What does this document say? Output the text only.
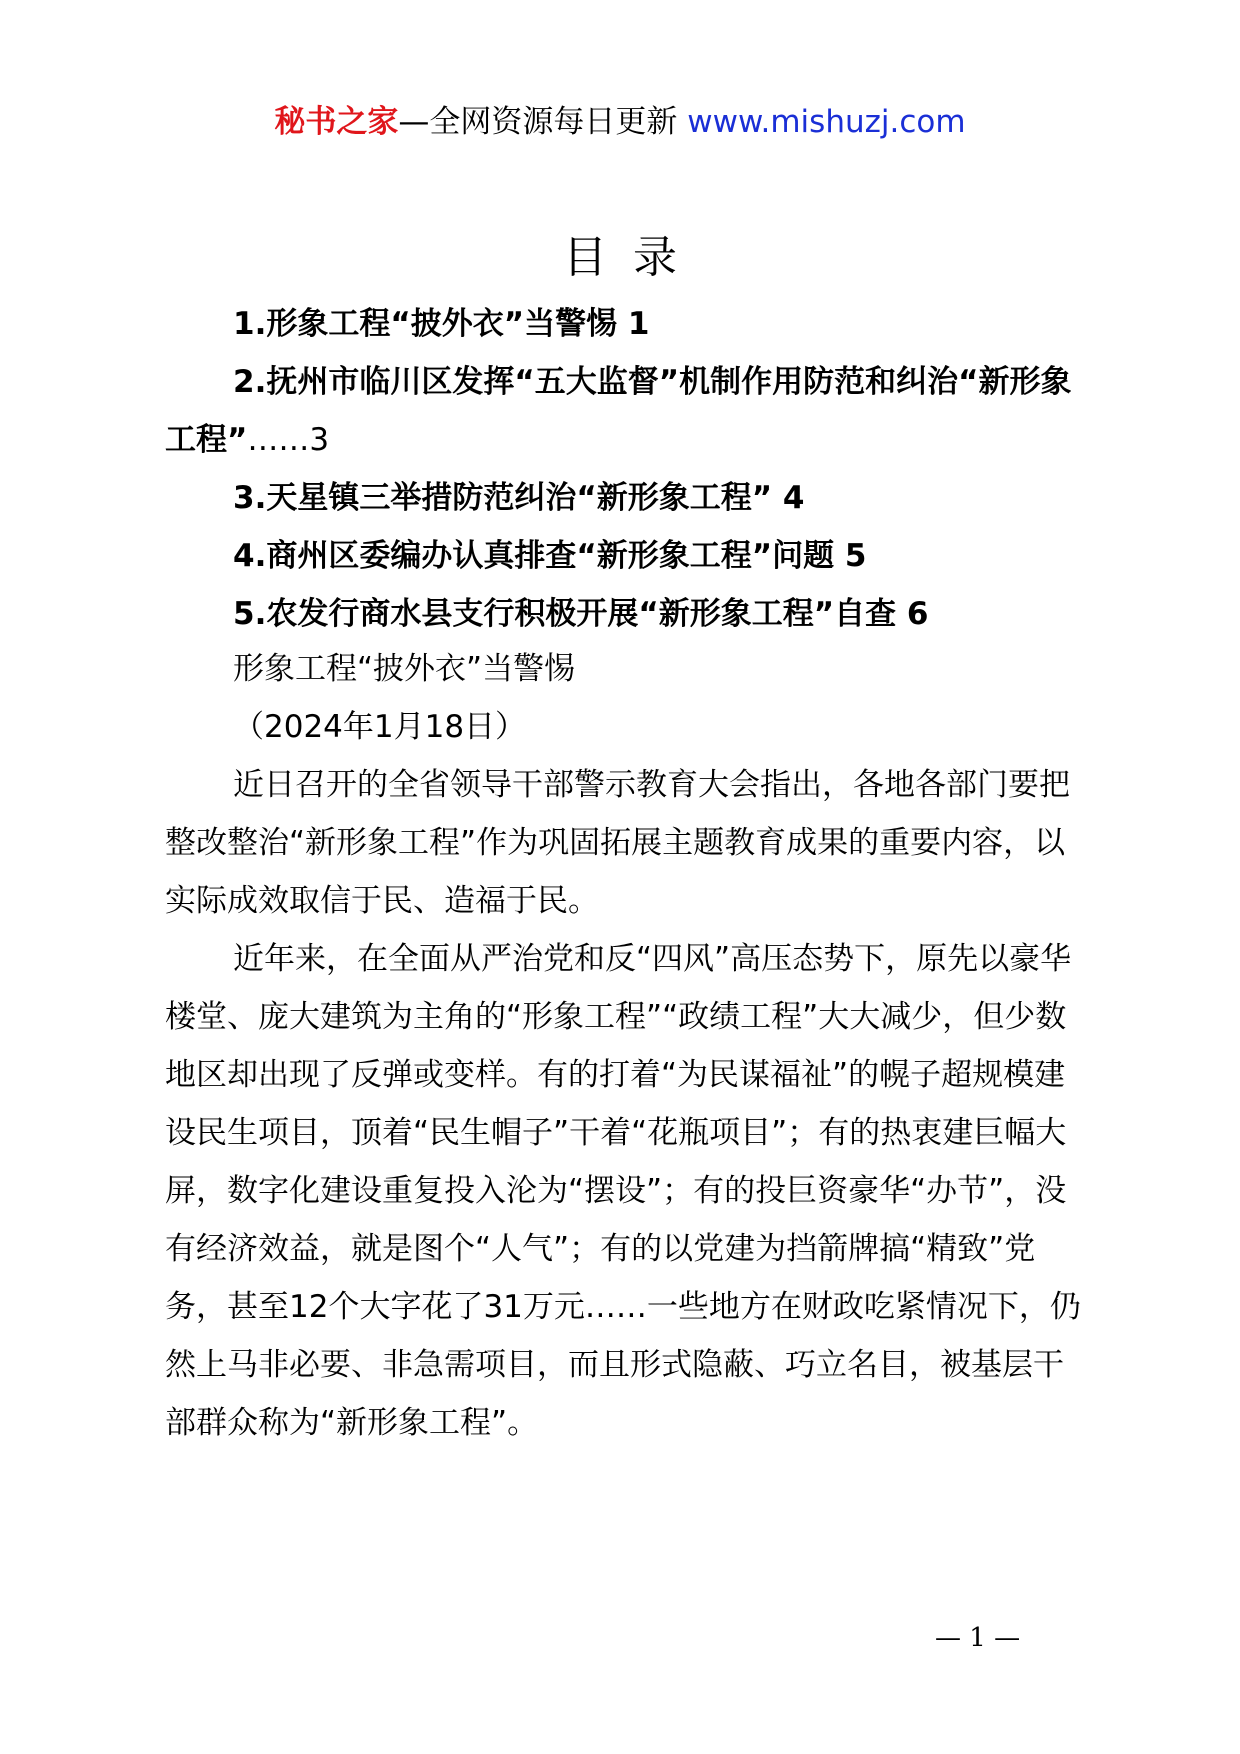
秘书之家—全网资源每日更新 www.mishuzj.com
目录
1.形象工程“披外衣”当警惕 1
2.抚州市临川区发挥“五大监督”机制作用防范和纠治“新形象工程”……3
3.天星镇三举措防范纠治“新形象工程” 4
4.商州区委编办认真排查“新形象工程”问题 5
5.农发行商水县支行积极开展“新形象工程”自查 6

形象工程“披外衣”当警惕

（2024年1月18日）

近日召开的全省领导干部警示教育大会指出，各地各部门要把整改整治“新形象工程”作为巩固拓展主题教育成果的重要内容，以实际成效取信于民、造福于民。

近年来，在全面从严治党和反“四风”高压态势下，原先以豪华楼堂、庞大建筑为主角的“形象工程”“政绩工程”大大减少，但少数地区却出现了反弹或变样。有的打着“为民谋福祉”的幌子超规模建设民生项目，顶着“民生帽子”干着“花瓶项目”；有的热衷建巨幅大屏，数字化建设重复投入沦为“摆设”；有的投巨资豪华“办节”，没有经济效益，就是图个“人气”；有的以党建为挡箭牌搞“精致”党务，甚至12个大字花了31万元……一些地方在财政吃紧情况下，仍然上马非必要、非急需项目，而且形式隐蔽、巧立名目，被基层干部群众称为“新形象工程”。

— 1 —
